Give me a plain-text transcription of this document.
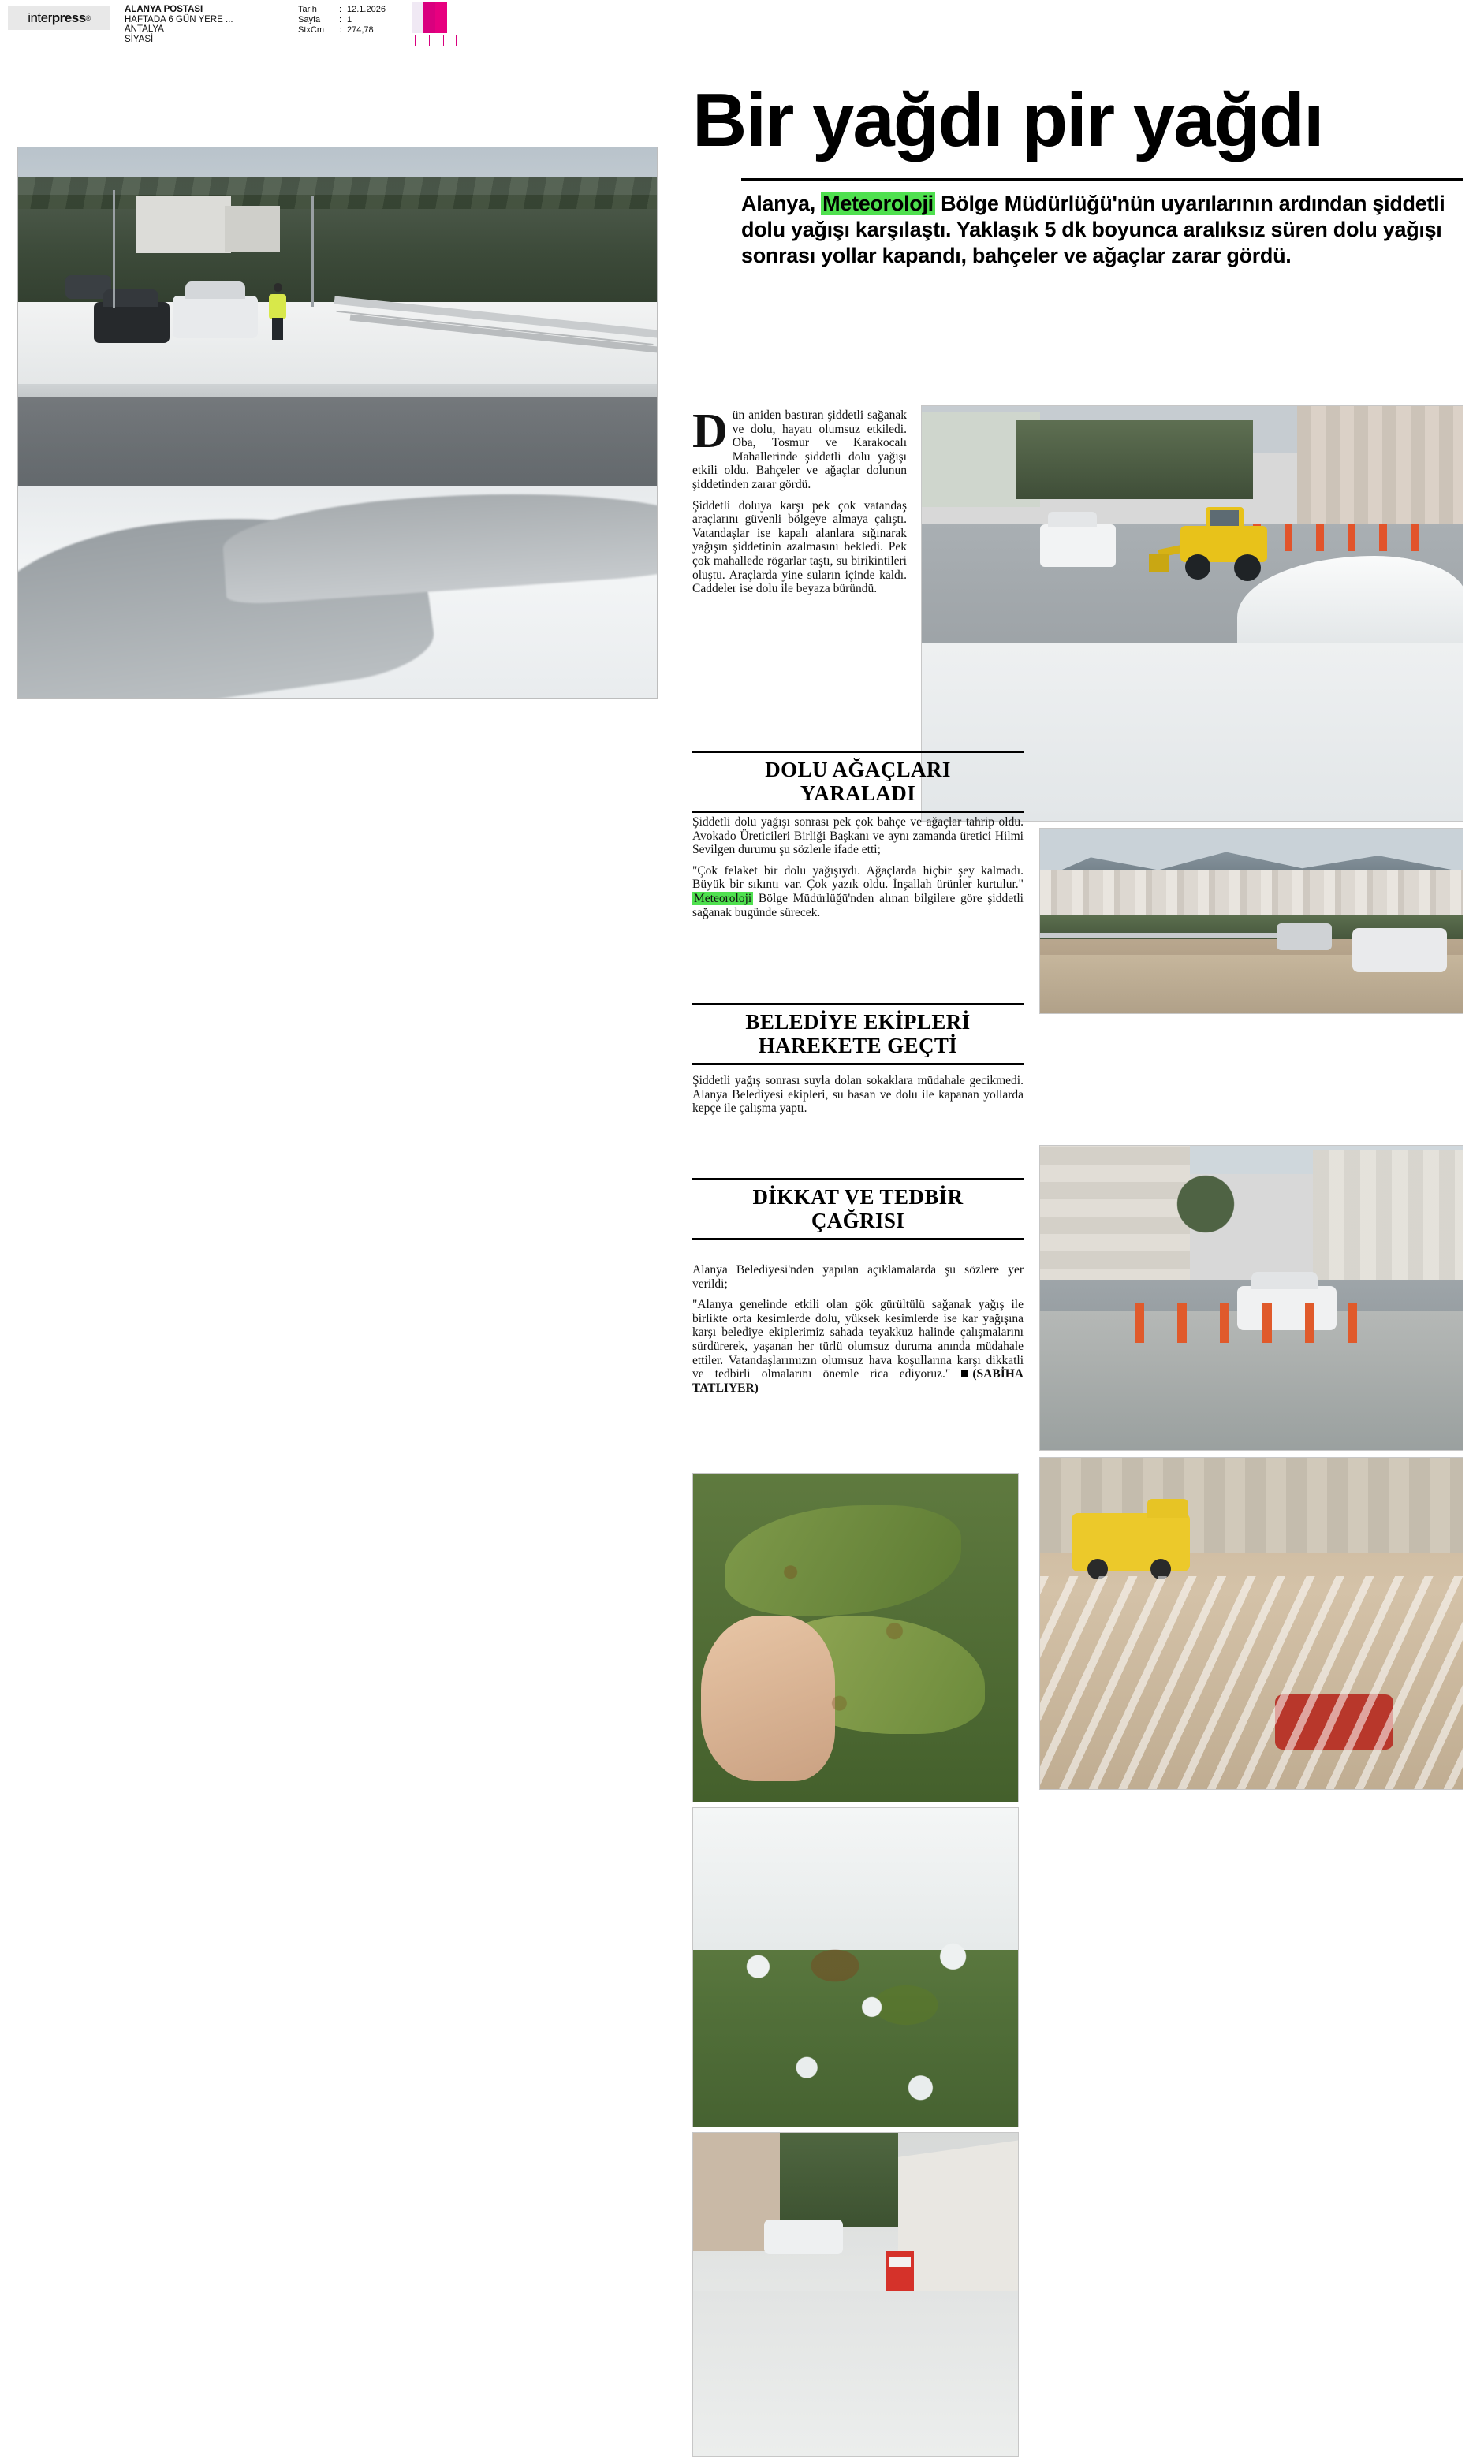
inter press ®
ALANYA POSTASI
HAFTADA 6 GÜN YERE ...
ANTALYA
SİYASİ
Tarih	: 12.1.2026
Sayfa	: 1
StxCm	: 274,78
Bir yağdı pir yağdı
Alanya, Meteoroloji Bölge Müdürlüğü'nün uyarılarının ardından şiddetli dolu yağışı karşılaştı. Yaklaşık 5 dk boyunca aralıksız süren dolu yağışı sonrası yollar kapandı, bahçeler ve ağaçlar zarar gördü.

Dün aniden bastıran şiddetli sağanak ve dolu, hayatı olumsuz etkiledi. Oba, Tosmur ve Karakocalı Mahallerinde şiddetli dolu yağışı etkili oldu. Bahçeler ve ağaçlar dolunun şiddetinden zarar gördü.

Şiddetli doluya karşı pek çok vatandaş araçlarını güvenli bölgeye almaya çalıştı. Vatandaşlar ise kapalı alanlara sığınarak yağışın şiddetinin azalmasını bekledi. Pek çok mahallede rögarlar taştı, su birikintileri oluştu. Araçlarda yine suların içinde kaldı. Caddeler ise dolu ile beyaza büründü.

DOLU AĞAÇLARI
YARALADI

Şiddetli dolu yağışı sonrası pek çok bahçe ve ağaçlar tahrip oldu. Avokado Üreticileri Birliği Başkanı ve aynı zamanda üretici Hilmi Sevilgen durumu şu sözlerle ifade etti;

"Çok felaket bir dolu yağışıydı. Ağaçlarda hiçbir şey kalmadı. Büyük bir sıkıntı var. Çok yazık oldu. İnşallah ürünler kurtulur." Meteoroloji Bölge Müdürlüğü'nden alınan bilgilere göre şiddetli sağanak bugünde sürecek.

BELEDİYE EKİPLERİ
HAREKETE GEÇTİ

Şiddetli yağış sonrası suyla dolan sokaklara müdahale gecikmedi. Alanya Belediyesi ekipleri, su basan ve dolu ile kapanan yollarda kepçe ile çalışma yaptı.

DİKKAT VE TEDBİR
ÇAĞRISI

Alanya Belediyesi'nden yapılan açıklamalarda şu sözlere yer verildi;

"Alanya genelinde etkili olan gök gürültülü sağanak yağış ile birlikte orta kesimlerde dolu, yüksek kesimlerde ise kar yağışına karşı belediye ekiplerimiz sahada teyakkuz halinde çalışmalarını sürdürerek, yaşanan her türlü olumsuz duruma anında müdahale ettiler. Vatandaşlarımızın olumsuz hava koşullarına karşı dikkatli ve tedbirli olmalarını önemle rica ediyoruz." (SABİHA TATLIYER)
